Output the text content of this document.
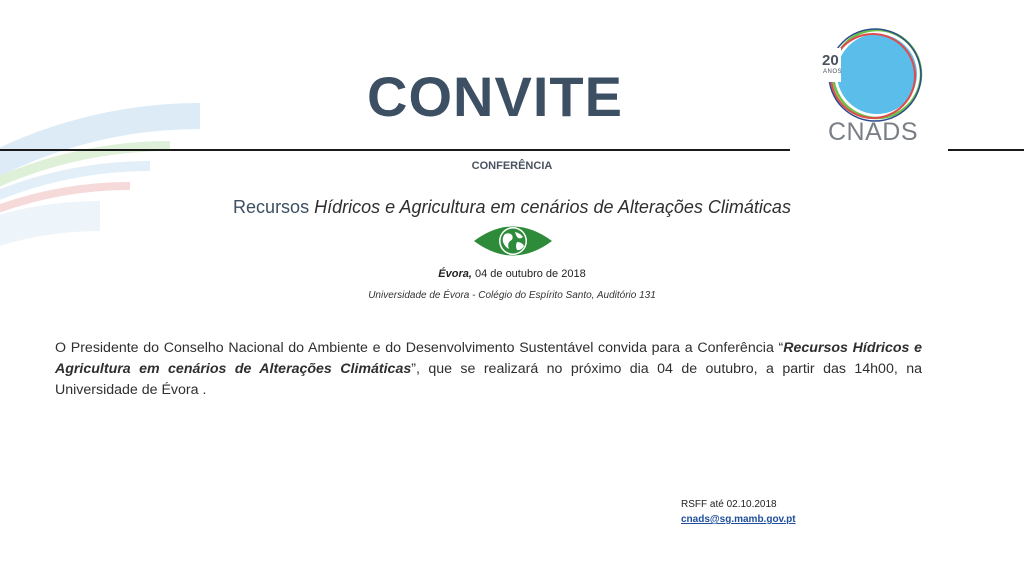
CONVITE
20
ANOS
CNADS
CONFERÊNCIA
Recursos Hídricos e Agricultura em cenários de Alterações Climáticas
Évora, 04 de outubro de 2018
Universidade de Évora - Colégio do Espírito Santo, Auditório 131

O Presidente do Conselho Nacional do Ambiente e do Desenvolvimento Sustentável convida para a Conferência “Recursos Hídricos e Agricultura em cenários de Alterações Climáticas”, que se realizará no próximo dia 04 de outubro, a partir das 14h00, na Universidade de Évora .

RSFF até 02.10.2018
cnads@sg.mamb.gov.pt
